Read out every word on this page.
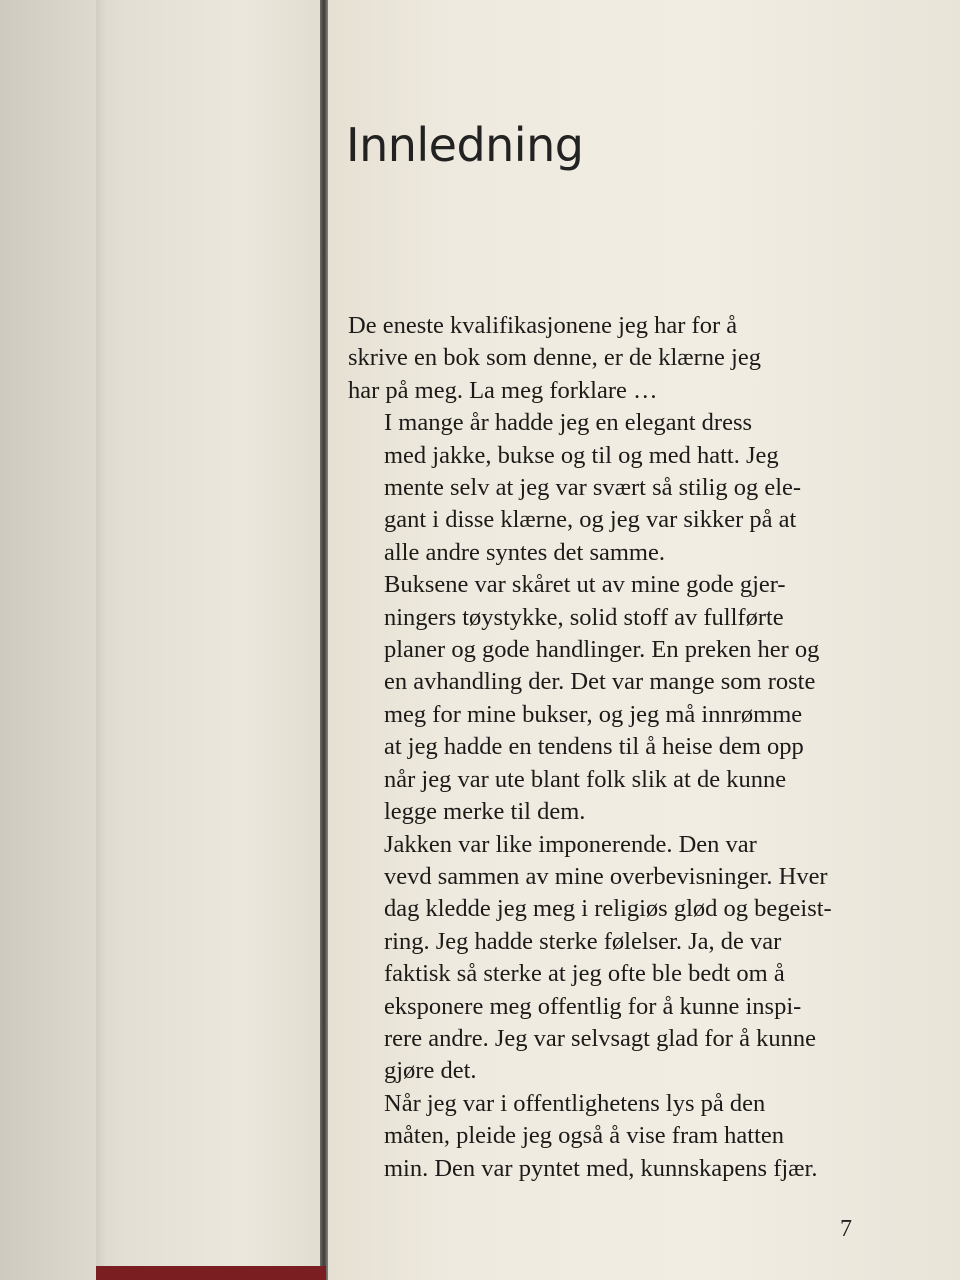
Innledning

De eneste kvalifikasjonene jeg har for å
skrive en bok som denne, er de klærne jeg
har på meg. La meg forklare …

I mange år hadde jeg en elegant dress
med jakke, bukse og til og med hatt. Jeg
mente selv at jeg var svært så stilig og ele-
gant i disse klærne, og jeg var sikker på at
alle andre syntes det samme.

Buksene var skåret ut av mine gode gjer-
ningers tøystykke, solid stoff av fullførte
planer og gode handlinger. En preken her og
en avhandling der. Det var mange som roste
meg for mine bukser, og jeg må innrømme
at jeg hadde en tendens til å heise dem opp
når jeg var ute blant folk slik at de kunne
legge merke til dem.

Jakken var like imponerende. Den var
vevd sammen av mine overbevisninger. Hver
dag kledde jeg meg i religiøs glød og begeist-
ring. Jeg hadde sterke følelser. Ja, de var
faktisk så sterke at jeg ofte ble bedt om å
eksponere meg offentlig for å kunne inspi-
rere andre. Jeg var selvsagt glad for å kunne
gjøre det.

Når jeg var i offentlighetens lys på den
måten, pleide jeg også å vise fram hatten
min. Den var pyntet med, kunnskapens fjær.

7
